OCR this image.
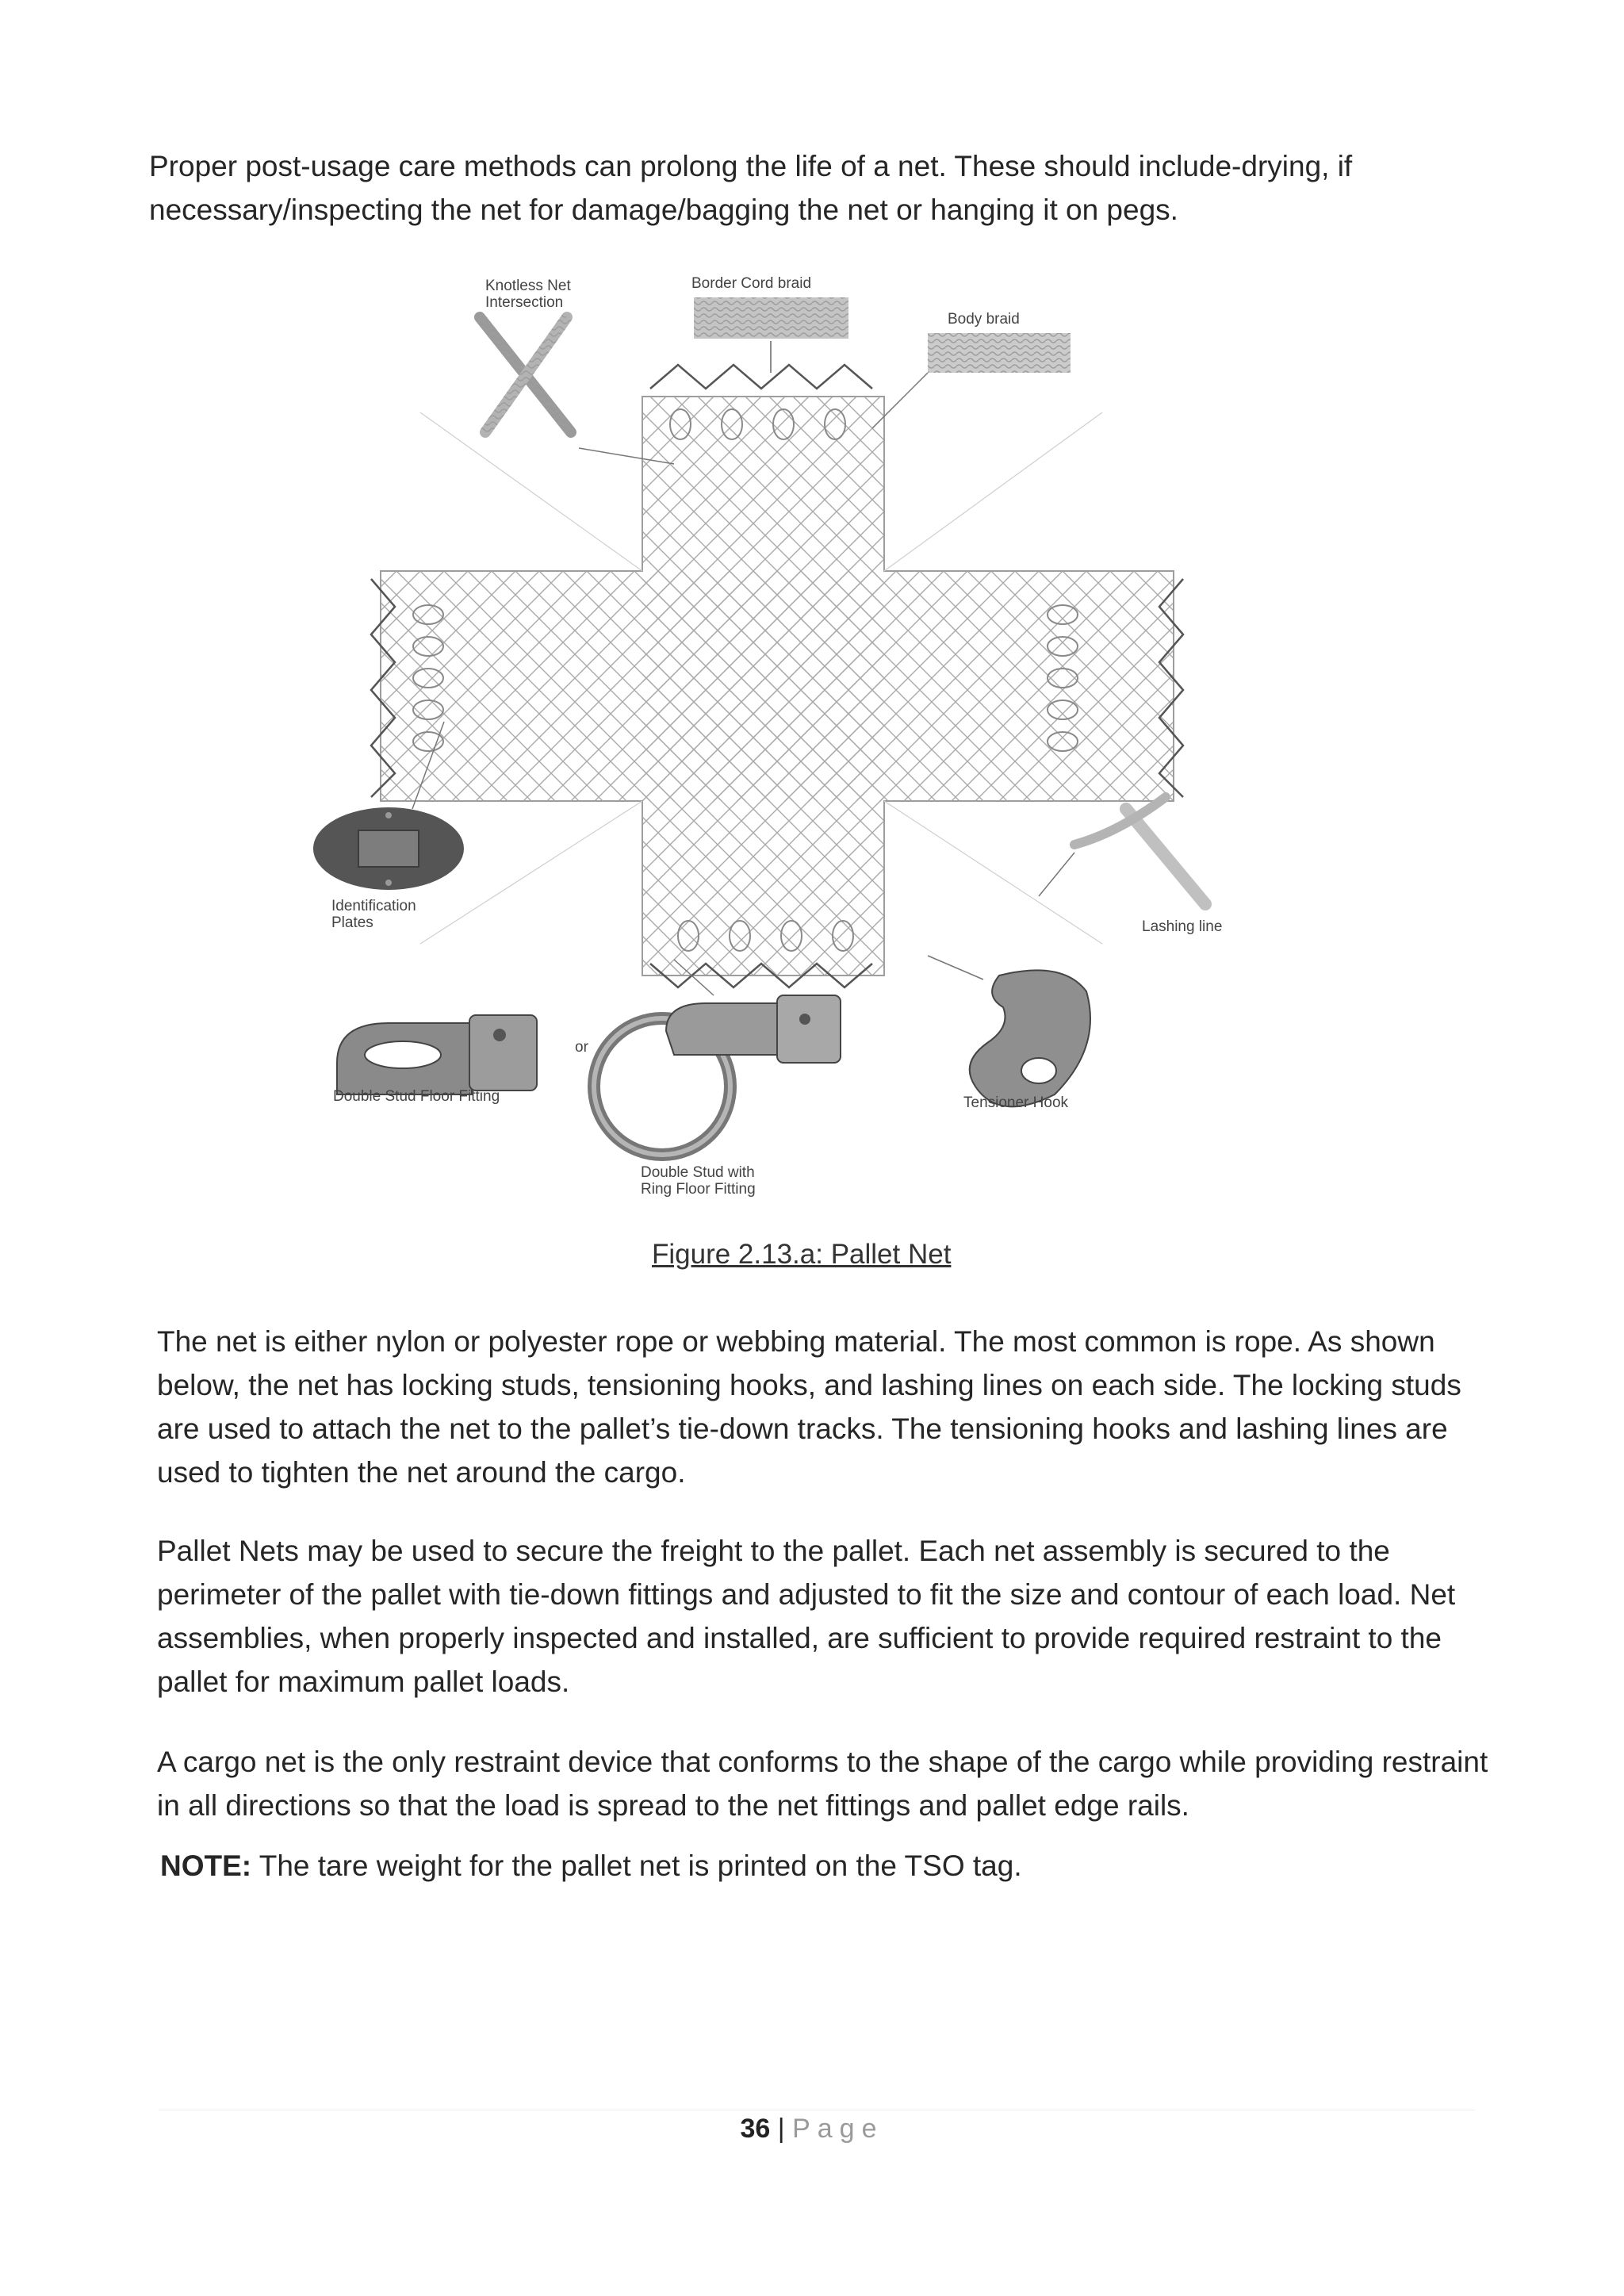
Proper post-usage care methods can prolong the life of a net. These should include-drying, if necessary/inspecting the net for damage/bagging the net or hanging it on pegs.

Knotless Net
Intersection
Border Cord braid
Body braid
Identification
Plates	Lashing line
or
Double Stud Floor Fitting	Tensioner Hook
Double Stud with
Ring Floor Fitting
Figure 2.13.a: Pallet Net

The net is either nylon or polyester rope or webbing material. The most common is rope. As shown below, the net has locking studs, tensioning hooks, and lashing lines on each side. The locking studs are used to attach the net to the pallet’s tie-down tracks. The tensioning hooks and lashing lines are used to tighten the net around the cargo.

Pallet Nets may be used to secure the freight to the pallet. Each net assembly is secured to the perimeter of the pallet with tie-down fittings and adjusted to fit the size and contour of each load. Net assemblies, when properly inspected and installed, are sufficient to provide required restraint to the pallet for maximum pallet loads.

A cargo net is the only restraint device that conforms to the shape of the cargo while providing restraint in all directions so that the load is spread to the net fittings and pallet edge rails.

NOTE: The tare weight for the pallet net is printed on the TSO tag.

36 | Page
